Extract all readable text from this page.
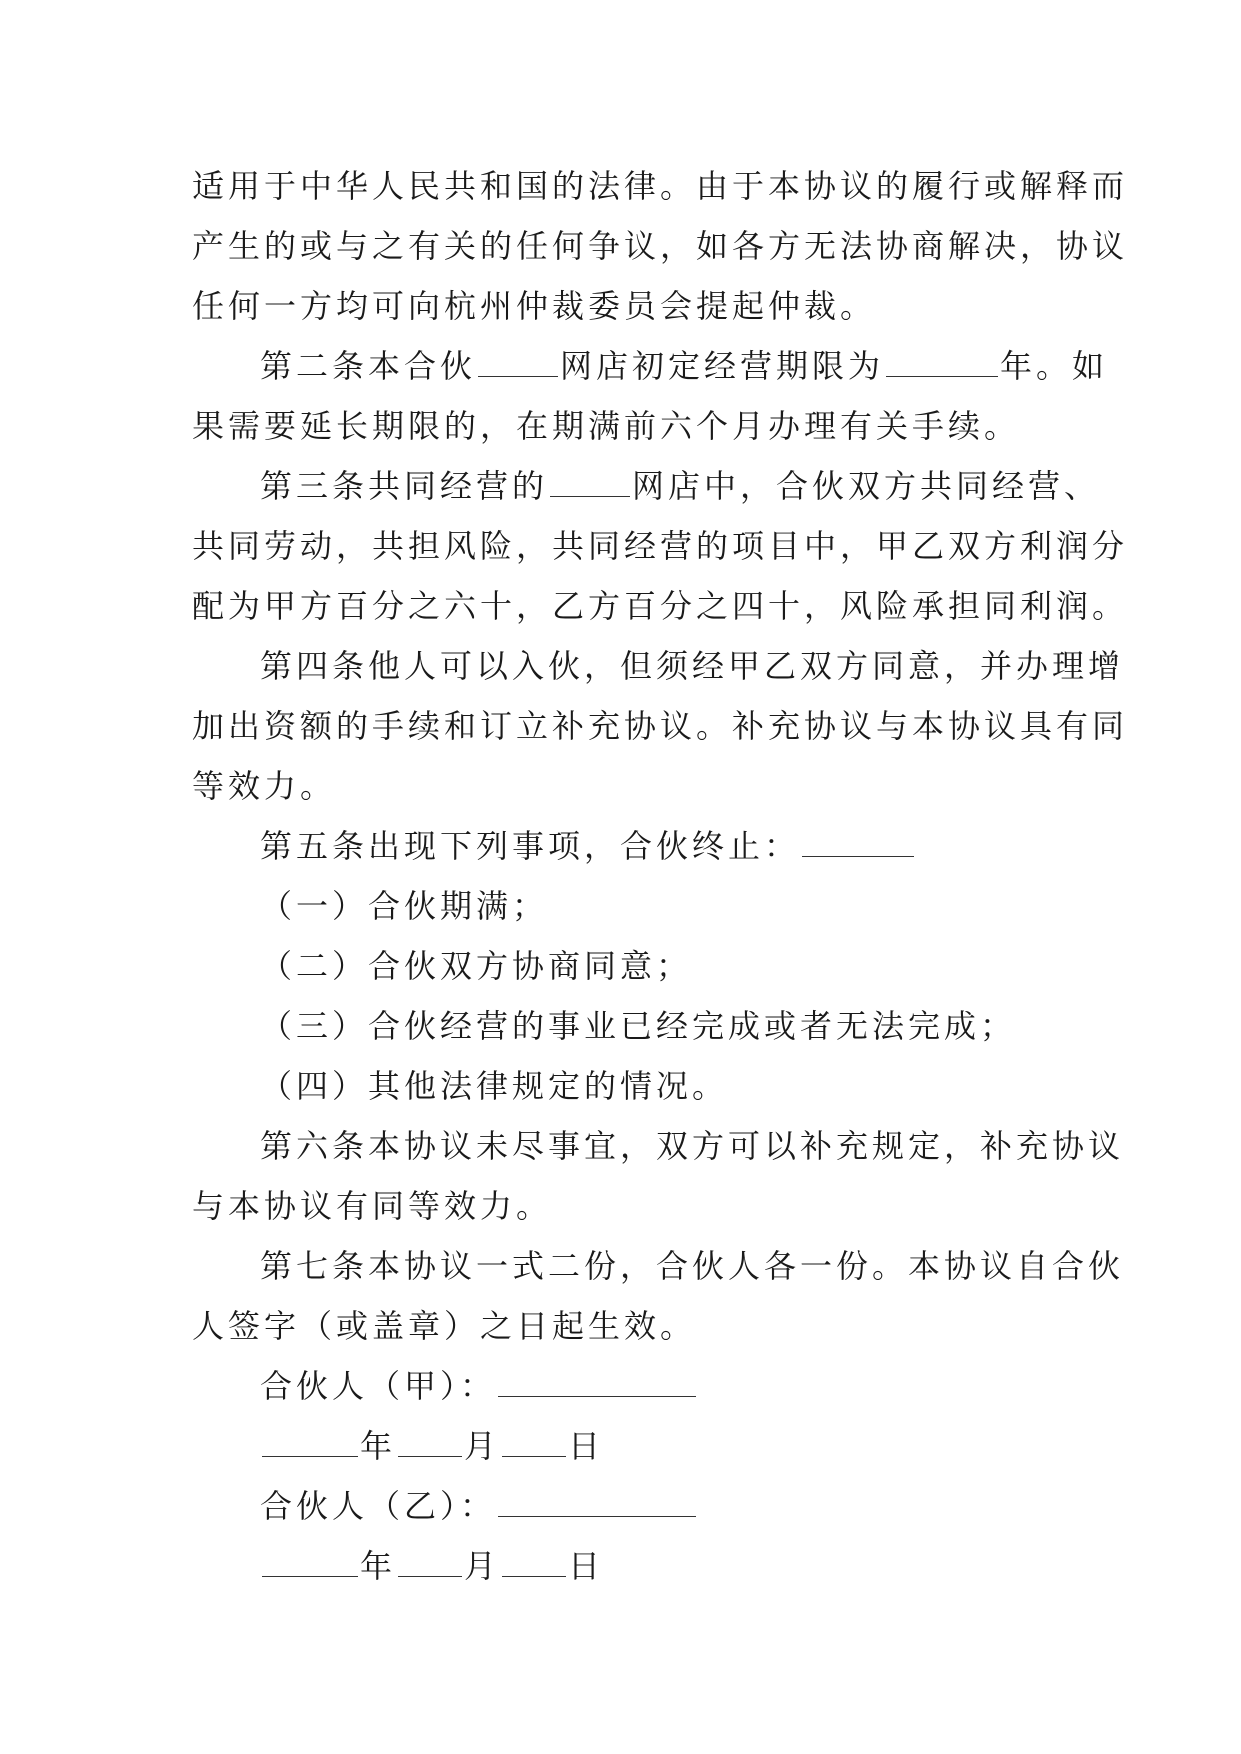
适用于中华人民共和国的法律。由于本协议的履行或解释而
产生的或与之有关的任何争议，如各方无法协商解决，协议
任何一方均可向杭州仲裁委员会提起仲裁。
第二条本合伙	网店初定经营期限为	年。如
果需要延长期限的，在期满前六个月办理有关手续。
第三条共同经营的	网店中，合伙双方共同经营、
共同劳动，共担风险，共同经营的项目中，甲乙双方利润分
配为甲方百分之六十，乙方百分之四十，风险承担同利润。
第四条他人可以入伙，但须经甲乙双方同意，并办理增
加出资额的手续和订立补充协议。补充协议与本协议具有同
等效力。
第五条出现下列事项，合伙终止：
（一）合伙期满；
（二）合伙双方协商同意；
（三）合伙经营的事业已经完成或者无法完成；
（四）其他法律规定的情况。
第六条本协议未尽事宜，双方可以补充规定，补充协议
与本协议有同等效力。
第七条本协议一式二份，合伙人各一份。本协议自合伙
人签字（或盖章）之日起生效。
合伙人（甲）：
年 月 日
合伙人（乙）：
年 月 日
